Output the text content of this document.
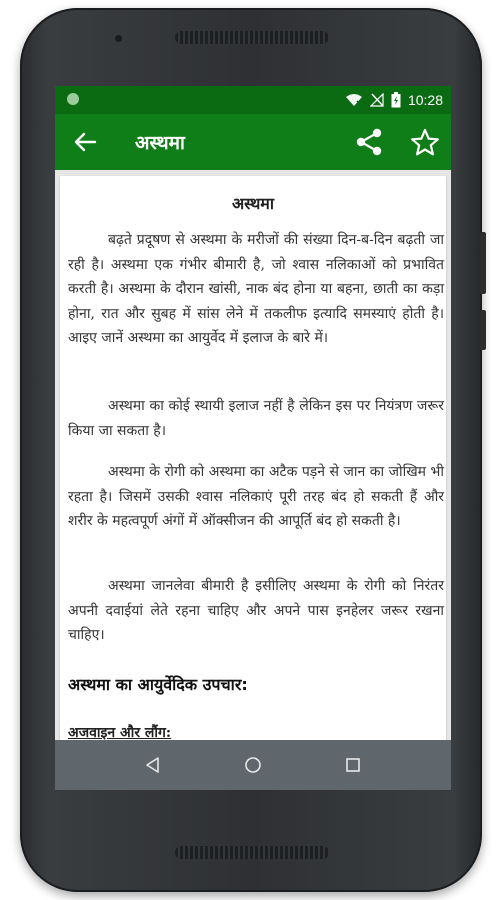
10:28
अस्थमा
अस्थमा

बढ़ते प्रदूषण से अस्थमा के मरीजों की संख्या दिन-ब-दिन बढ़ती जा रही है। अस्थमा एक गंभीर बीमारी है, जो श्वास नलिकाओं को प्रभावित करती है। अस्थमा के दौरान खांसी, नाक बंद होना या बहना, छाती का कड़ा होना, रात और सुबह में सांस लेने में तकलीफ इत्यादि समस्याएं होती है।आइए जानें अस्थमा का आयुर्वेद में इलाज के बारे में।

अस्थमा का कोई स्थायी इलाज नहीं है लेकिन इस पर नियंत्रण जरूर किया जा सकता है।

अस्थमा के रोगी को अस्थमा का अटैक पड़ने से जान का जोखिम भी रहता है। जिसमें उसकी श्वास नलिकाएं पूरी तरह बंद हो सकती हैं और शरीर के महत्वपूर्ण अंगों में ऑक्सीजन की आपूर्ति बंद हो सकती है।

अस्थमा जानलेवा बीमारी है इसीलिए अस्थमा के रोगी को निरंतर अपनी दवाईयां लेते रहना चाहिए और अपने पास इनहेलर जरूर रखना चाहिए।

अस्थमा का आयुर्वेदिक उपचार:
अजवाइन और लौंग:
